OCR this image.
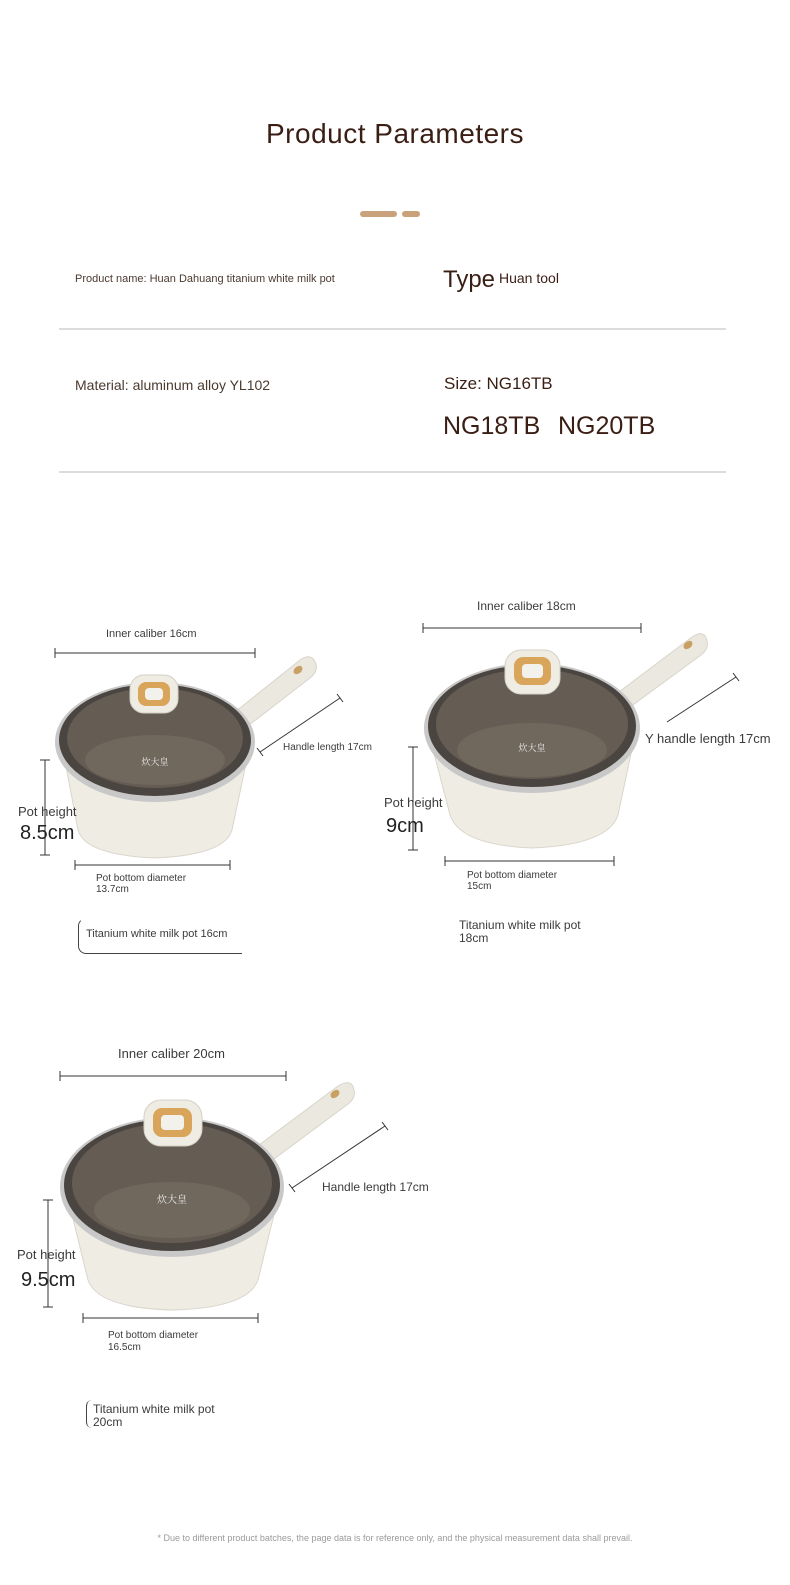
Product Parameters
Product name: Huan Dahuang titanium white milk pot	Type Huan tool
Material: aluminum alloy YL102	Size: NG16TB
NG18TB NG20TB
炊大皇
Inner caliber 16cm
Handle length 17cm
Pot height
8.5cm
Pot bottom diameter
13.7cm
Titanium white milk pot 16cm
炊大皇
Inner caliber 18cm
Y handle length 17cm
Pot height
9cm
Pot bottom diameter
15cm
Titanium white milk pot
18cm
炊大皇
Inner caliber 20cm
Handle length 17cm
Pot height
9.5cm
Pot bottom diameter
16.5cm
Titanium white milk pot
20cm
* Due to different product batches, the page data is for reference only, and the physical measurement data shall prevail.
